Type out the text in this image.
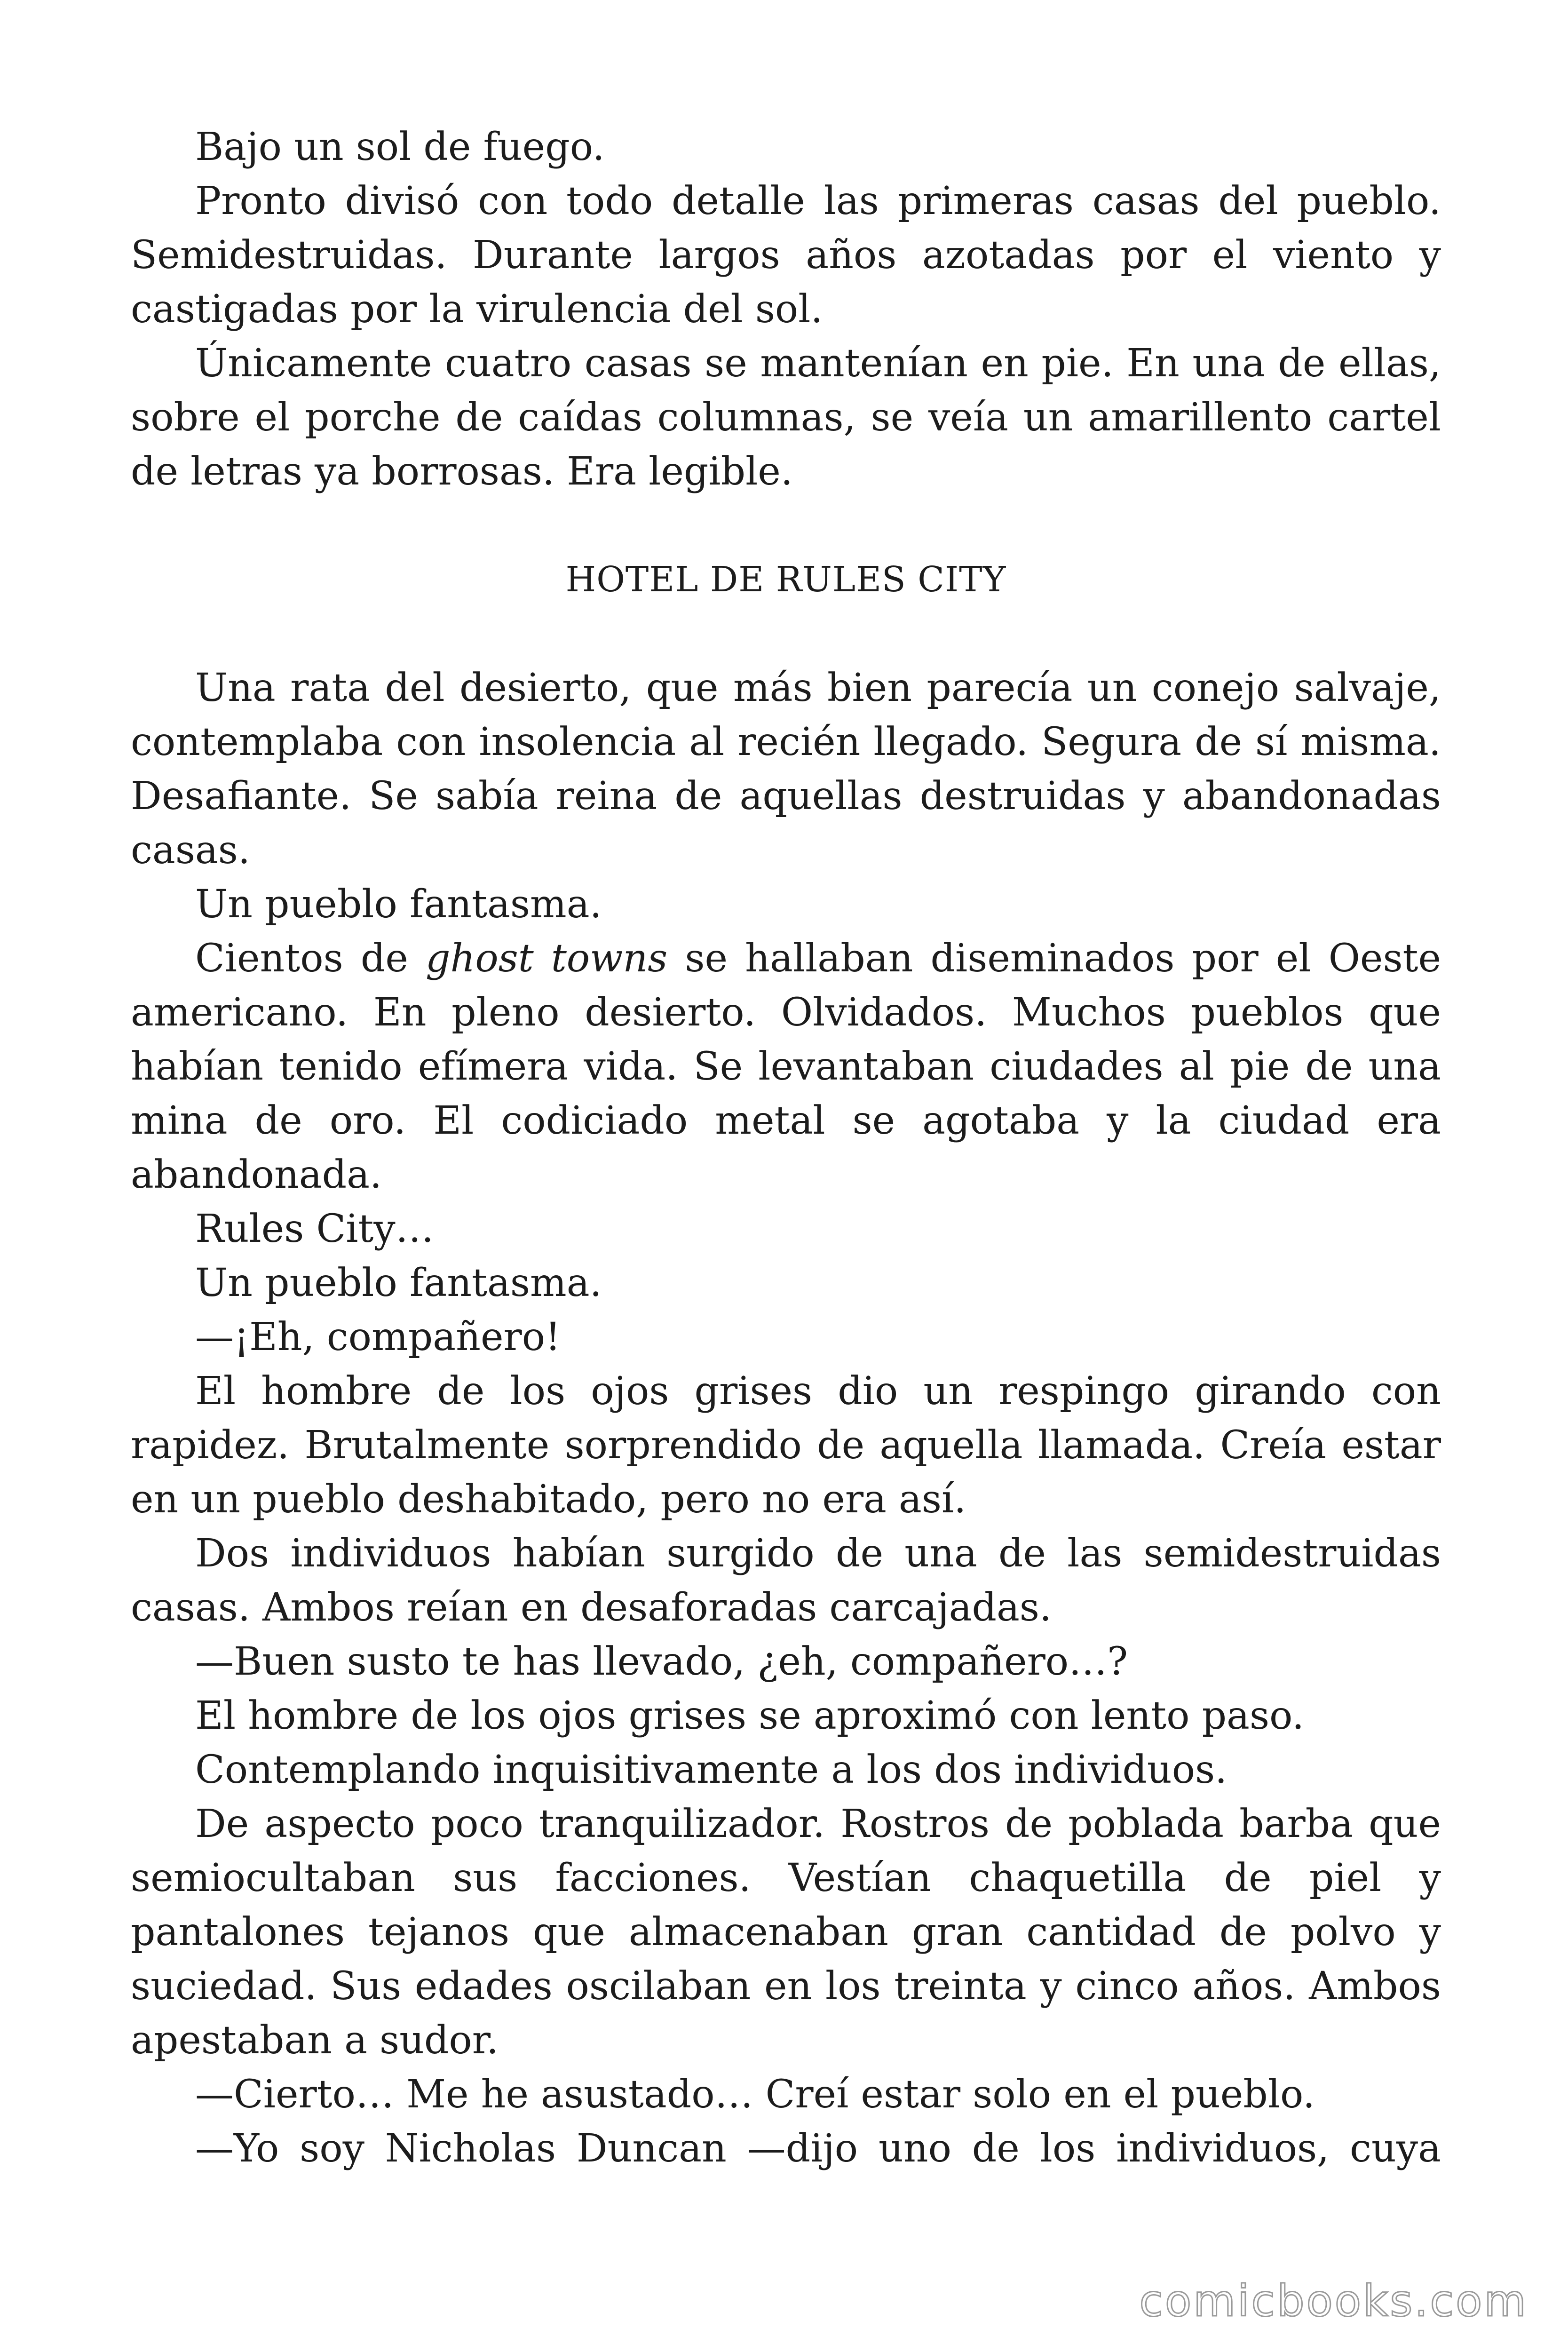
Bajo un sol de fuego.

Pronto divisó con todo detalle las primeras casas del pueblo. Semidestruidas. Durante largos años azotadas por el viento y castigadas por la virulencia del sol.

Únicamente cuatro casas se mantenían en pie. En una de ellas, sobre el porche de caídas columnas, se veía un amarillento cartel de letras ya borrosas. Era legible.

HOTEL DE RULES CITY

Una rata del desierto, que más bien parecía un conejo salvaje, contemplaba con insolencia al recién llegado. Segura de sí misma. Desafiante. Se sabía reina de aquellas destruidas y abandonadas casas.

Un pueblo fantasma.

Cientos de ghost towns se hallaban diseminados por el Oeste americano. En pleno desierto. Olvidados. Muchos pueblos que habían tenido efímera vida. Se levantaban ciudades al pie de una mina de oro. El codiciado metal se agotaba y la ciudad era abandonada.

Rules City…

Un pueblo fantasma.

—¡Eh, compañero!

El hombre de los ojos grises dio un respingo girando con rapidez. Brutalmente sorprendido de aquella llamada. Creía estar en un pueblo deshabitado, pero no era así.

Dos individuos habían surgido de una de las semidestruidas casas. Ambos reían en desaforadas carcajadas.

—Buen susto te has llevado, ¿eh, compañero…?

El hombre de los ojos grises se aproximó con lento paso.

Contemplando inquisitivamente a los dos individuos.

De aspecto poco tranquilizador. Rostros de poblada barba que semiocultaban sus facciones. Vestían chaquetilla de piel y pantalones tejanos que almacenaban gran cantidad de polvo y suciedad. Sus edades oscilaban en los treinta y cinco años. Ambos apestaban a sudor.

—Cierto… Me he asustado… Creí estar solo en el pueblo.

—Yo soy Nicholas Duncan —dijo uno de los individuos, cuya

comicbooks.com
